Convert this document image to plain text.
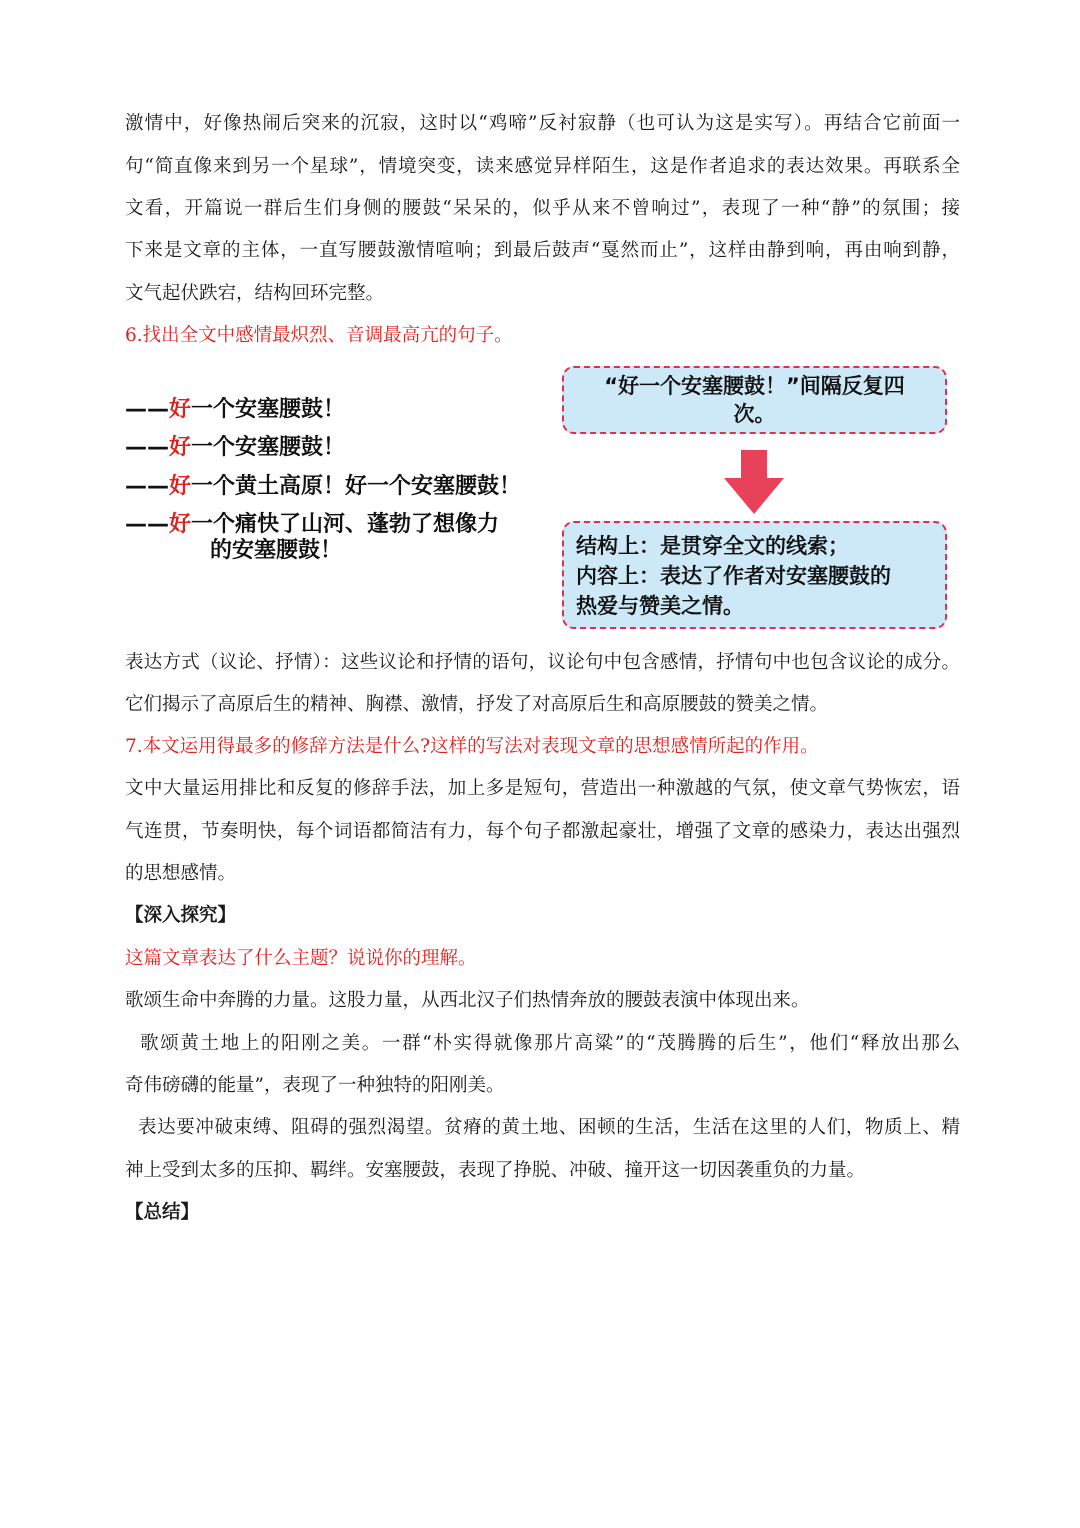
激情中，好像热闹后突来的沉寂，这时以“鸡啼”反衬寂静（也可认为这是实写）。再结合它前面一
句“简直像来到另一个星球”，情境突变，读来感觉异样陌生，这是作者追求的表达效果。再联系全
文看，开篇说一群后生们身侧的腰鼓“呆呆的，似乎从来不曾响过”，表现了一种“静”的氛围；接
下来是文章的主体，一直写腰鼓激情喧响；到最后鼓声“戛然而止”，这样由静到响，再由响到静，
文气起伏跌宕，结构回环完整。
6.找出全文中感情最炽烈、音调最高亢的句子。
——好一个安塞腰鼓！
——好一个安塞腰鼓！
——好一个黄土高原！好一个安塞腰鼓！
——好一个痛快了山河、蓬勃了想像力
的安塞腰鼓！
“好一个安塞腰鼓！”间隔反复四次。
结构上：是贯穿全文的线索；
内容上：表达了作者对安塞腰鼓的
热爱与赞美之情。
表达方式（议论、抒情）：这些议论和抒情的语句，议论句中包含感情，抒情句中也包含议论的成分。
它们揭示了高原后生的精神、胸襟、激情，抒发了对高原后生和高原腰鼓的赞美之情。
7.本文运用得最多的修辞方法是什么?这样的写法对表现文章的思想感情所起的作用。
文中大量运用排比和反复的修辞手法，加上多是短句，营造出一种激越的气氛，使文章气势恢宏，语
气连贯，节奏明快，每个词语都简洁有力，每个句子都激起豪壮，增强了文章的感染力，表达出强烈
的思想感情。
【深入探究】
这篇文章表达了什么主题？说说你的理解。
歌颂生命中奔腾的力量。这股力量，从西北汉子们热情奔放的腰鼓表演中体现出来。
歌颂黄土地上的阳刚之美。一群“朴实得就像那片高粱”的“茂腾腾的后生”，他们“释放出那么
奇伟磅礴的能量”，表现了一种独特的阳刚美。
表达要冲破束缚、阻碍的强烈渴望。贫瘠的黄土地、困顿的生活，生活在这里的人们，物质上、精
神上受到太多的压抑、羁绊。安塞腰鼓，表现了挣脱、冲破、撞开这一切因袭重负的力量。
【总结】
